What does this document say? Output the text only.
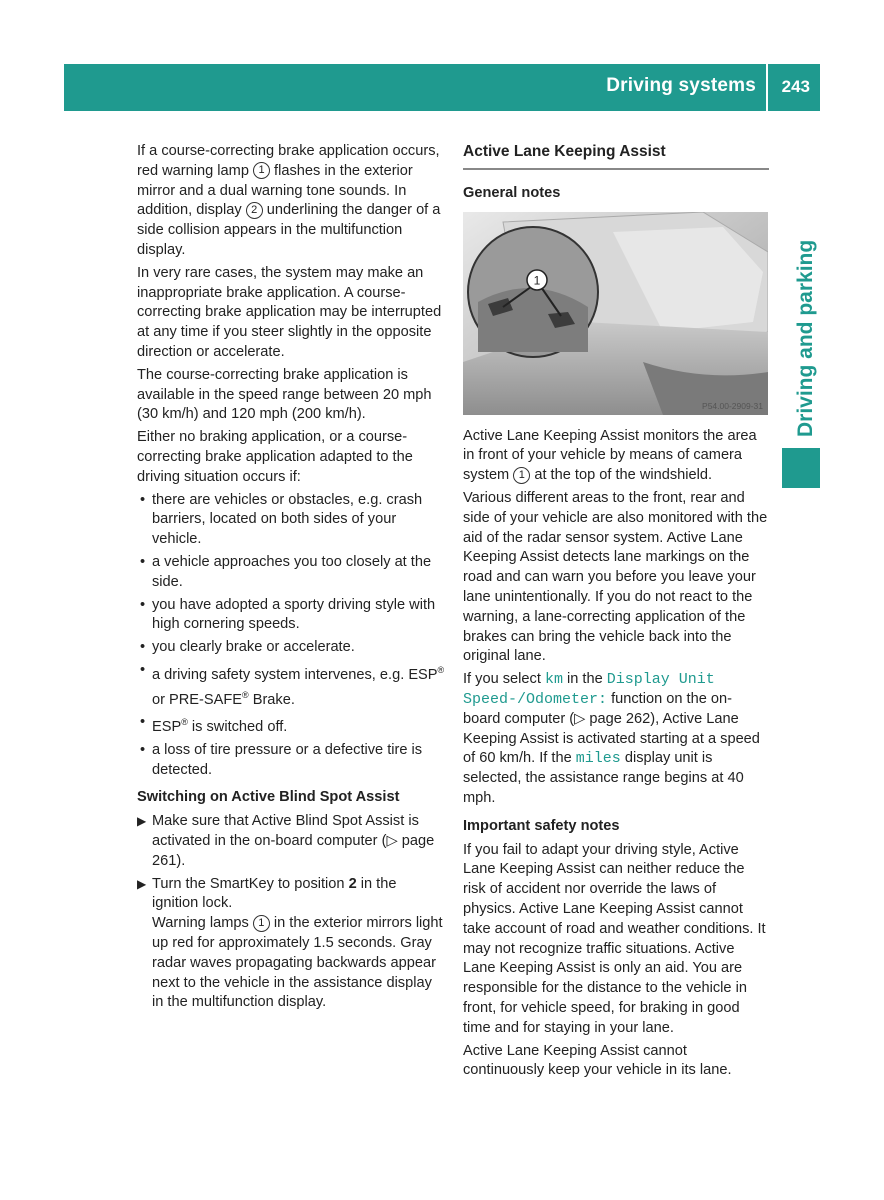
Driving systems 243
Driving and parking

If a course-correcting brake application occurs, red warning lamp 1 flashes in the exterior mirror and a dual warning tone sounds. In addition, display 2 underlining the danger of a side collision appears in the multifunction display.

In very rare cases, the system may make an inappropriate brake application. A course-correcting brake application may be interrupted at any time if you steer slightly in the opposite direction or accelerate.

The course-correcting brake application is available in the speed range between 20 mph (30 km/h) and 120 mph (200 km/h).

Either no braking application, or a course-correcting brake application adapted to the driving situation occurs if:

• there are vehicles or obstacles, e.g. crash barriers, located on both sides of your vehicle.
• a vehicle approaches you too closely at the side.
• you have adopted a sporty driving style with high cornering speeds.
• you clearly brake or accelerate.
• a driving safety system intervenes, e.g. ESP® or PRE-SAFE® Brake.
• ESP® is switched off.
• a loss of tire pressure or a defective tire is detected.
Switching on Active Blind Spot Assist
▶ Make sure that Active Blind Spot Assist is activated in the on-board computer (▷ page 261).
▶ Turn the SmartKey to position 2 in the ignition lock.
Warning lamps 1 in the exterior mirrors light up red for approximately 1.5 seconds. Gray radar waves propagating backwards appear next to the vehicle in the assistance display in the multifunction display.
Active Lane Keeping Assist
General notes
1
P54.00-2909-31

Active Lane Keeping Assist monitors the area in front of your vehicle by means of camera system 1 at the top of the windshield.

Various different areas to the front, rear and side of your vehicle are also monitored with the aid of the radar sensor system. Active Lane Keeping Assist detects lane markings on the road and can warn you before you leave your lane unintentionally. If you do not react to the warning, a lane-correcting application of the brakes can bring the vehicle back into the original lane.

If you select km in the Display Unit Speed-/Odometer: function on the on-board computer (▷ page 262), Active Lane Keeping Assist is activated starting at a speed of 60 km/h. If the miles display unit is selected, the assistance range begins at 40 mph.

Important safety notes

If you fail to adapt your driving style, Active Lane Keeping Assist can neither reduce the risk of accident nor override the laws of physics. Active Lane Keeping Assist cannot take account of road and weather conditions. It may not recognize traffic situations. Active Lane Keeping Assist is only an aid. You are responsible for the distance to the vehicle in front, for vehicle speed, for braking in good time and for staying in your lane.

Active Lane Keeping Assist cannot continuously keep your vehicle in its lane.
